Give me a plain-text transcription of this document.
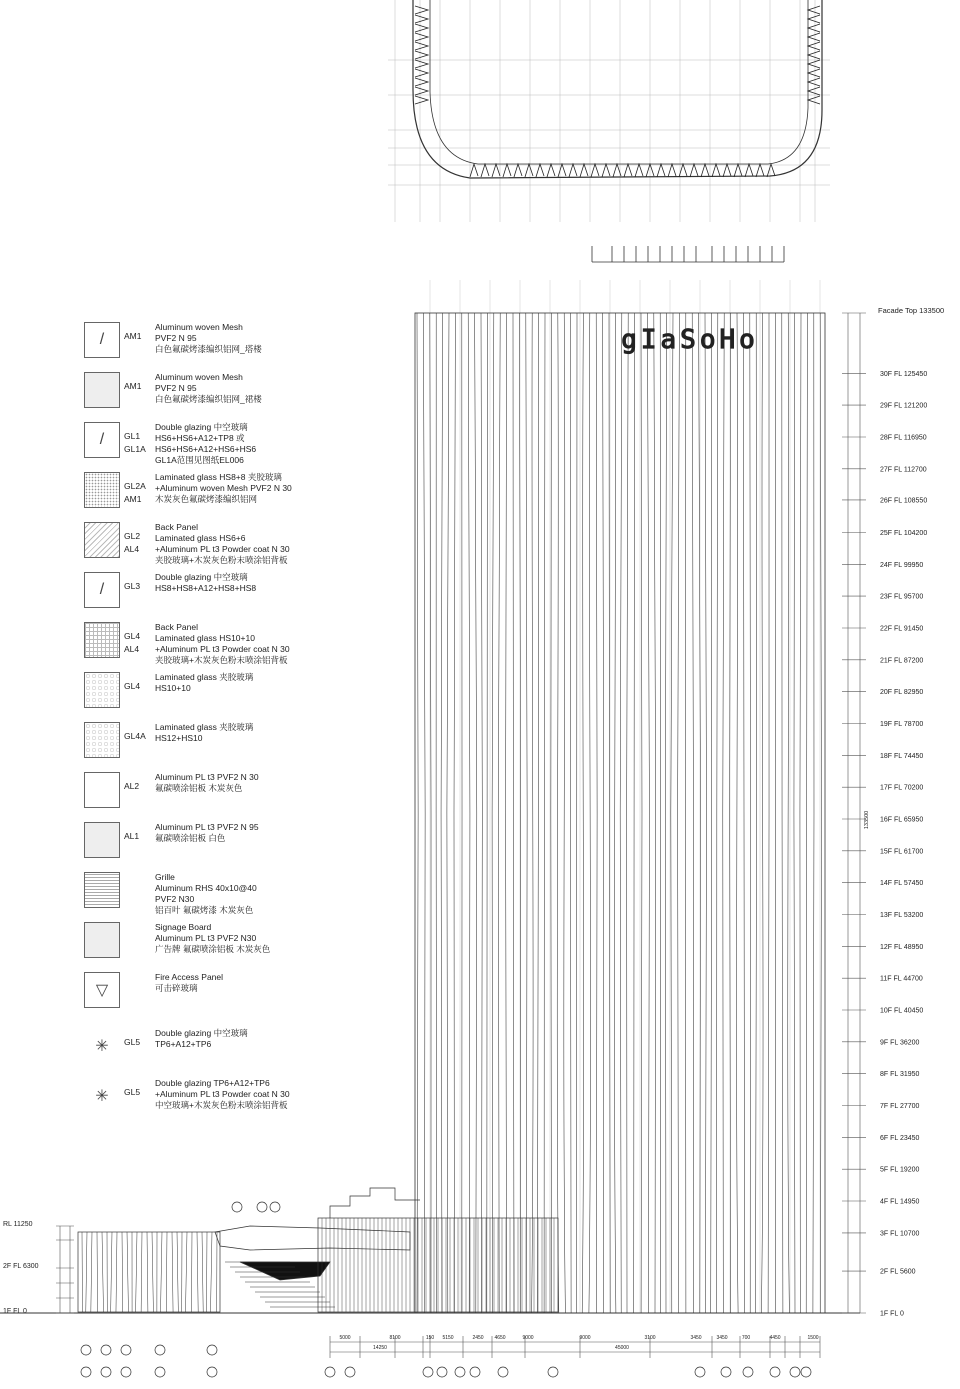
gIaSoHo
133500
Facade Top 133500
30F FL 125450
29F FL 121200
28F FL 116950
27F FL 112700
26F FL 108550
25F FL 104200
24F FL 99950
23F FL 95700
22F FL 91450
21F FL 87200
20F FL 82950
19F FL 78700
18F FL 74450
17F FL 70200
16F FL 65950
15F FL 61700
14F FL 57450
13F FL 53200
12F FL 48950
11F FL 44700
10F FL 40450
9F FL 36200
8F FL 31950
7F FL 27700
6F FL 23450
5F FL 19200
4F FL 14950
3F FL 10700
2F FL 5600
1F FL 0
RL 11250
2F FL 6300
1F FL 0
5000	8100	150 5150	2450 4650	9000	9000	3100	3450	3450	700	4450	1500
14250	45000
/	AM1
Aluminum woven Mesh
PVF2 N 95
白色氟碳烤漆编织铝网_塔楼
AM1
Aluminum woven Mesh
PVF2 N 95
白色氟碳烤漆编织铝网_裙楼
/	GL1
GL1A
Double glazing 中空玻璃
HS6+HS6+A12+TP8 或
HS6+HS6+A12+HS6+HS6
GL1A范围见图纸EL006
GL2A
AM1
Laminated glass HS8+8 夹胶玻璃
+Aluminum woven Mesh PVF2 N 30
木炭灰色氟碳烤漆编织铝网
GL2
AL4
Back Panel
Laminated glass HS6+6
+Aluminum PL t3 Powder coat N 30
夹胶玻璃+木炭灰色粉末喷涂铝背板
/	GL3
Double glazing 中空玻璃
HS8+HS8+A12+HS8+HS8
GL4
AL4
Back Panel
Laminated glass HS10+10
+Aluminum PL t3 Powder coat N 30
夹胶玻璃+木炭灰色粉末喷涂铝背板
GL4
Laminated glass 夹胶玻璃
HS10+10
GL4A
Laminated glass 夹胶玻璃
HS12+HS10
AL2
Aluminum PL t3 PVF2 N 30
氟碳喷涂铝板 木炭灰色
AL1
Aluminum PL t3 PVF2 N 95
氟碳喷涂铝板 白色
Grille
Aluminum RHS 40x10@40
PVF2 N30
铝百叶 氟碳烤漆 木炭灰色
Signage Board
Aluminum PL t3 PVF2 N30
广告牌 氟碳喷涂铝板 木炭灰色
▽
Fire Access Panel
可击碎玻璃
✳	GL5
Double glazing 中空玻璃
TP6+A12+TP6
✳	GL5
Double glazing TP6+A12+TP6
+Aluminum PL t3 Powder coat N 30
中空玻璃+木炭灰色粉末喷涂铝背板
